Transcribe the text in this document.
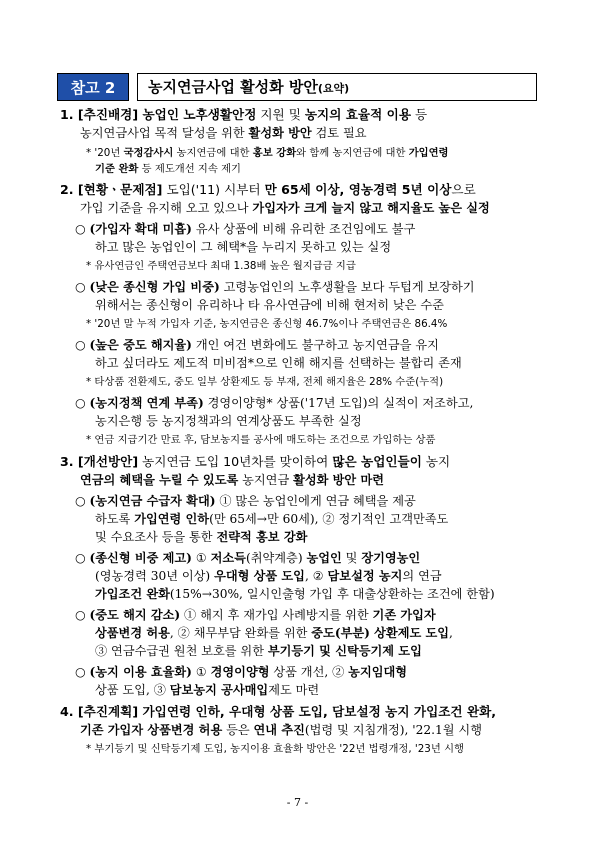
참고 2	농지연금사업 활성화 방안(요약)
1. [추진배경] 농업인 노후생활안정 지원 및 농지의 효율적 이용 등
농지연금사업 목적 달성을 위한 활성화 방안 검토 필요
* '20년 국정감사시 농지연금에 대한 홍보 강화와 함께 농지연금에 대한 가입연령
기준 완화 등 제도개선 지속 제기
2. [현황ㆍ문제점] 도입('11) 시부터 만 65세 이상, 영농경력 5년 이상으로
가입 기준을 유지해 오고 있으나 가입자가 크게 늘지 않고 해지율도 높은 실정
○ (가입자 확대 미흡) 유사 상품에 비해 유리한 조건임에도 불구
하고 많은 농업인이 그 혜택*을 누리지 못하고 있는 실정
* 유사연금인 주택연금보다 최대 1.38배 높은 월지급금 지급
○ (낮은 종신형 가입 비중) 고령농업인의 노후생활을 보다 두텁게 보장하기
위해서는 종신형이 유리하나 타 유사연금에 비해 현저히 낮은 수준
* '20년 말 누적 가입자 기준, 농지연금은 종신형 46.7%이나 주택연금은 86.4%
○ (높은 중도 해지율) 개인 여건 변화에도 불구하고 농지연금을 유지
하고 싶더라도 제도적 미비점*으로 인해 해지를 선택하는 불합리 존재
* 타상품 전환제도, 중도 일부 상환제도 등 부재, 전체 해지율은 28% 수준(누적)
○ (농지정책 연계 부족) 경영이양형* 상품('17년 도입)의 실적이 저조하고,
농지은행 등 농지정책과의 연계상품도 부족한 실정
* 연금 지급기간 만료 후, 담보농지를 공사에 매도하는 조건으로 가입하는 상품
3. [개선방안] 농지연금 도입 10년차를 맞이하여 많은 농업인들이 농지
연금의 혜택을 누릴 수 있도록 농지연금 활성화 방안 마련
○ (농지연금 수급자 확대) ① 많은 농업인에게 연금 혜택을 제공
하도록 가입연령 인하(만 65세→만 60세), ② 정기적인 고객만족도
및 수요조사 등을 통한 전략적 홍보 강화
○ (종신형 비중 제고) ① 저소득(취약계층) 농업인 및 장기영농인
(영농경력 30년 이상) 우대형 상품 도입, ② 담보설정 농지의 연금
가입조건 완화(15%→30%, 일시인출형 가입 후 대출상환하는 조건에 한함)
○ (중도 해지 감소) ① 해지 후 재가입 사례방지를 위한 기존 가입자
상품변경 허용, ② 채무부담 완화를 위한 중도(부분) 상환제도 도입,
③ 연금수급권 원천 보호를 위한 부기등기 및 신탁등기제 도입
○ (농지 이용 효율화) ① 경영이양형 상품 개선, ② 농지임대형
상품 도입, ③ 담보농지 공사매입제도 마련
4. [추진계획] 가입연령 인하, 우대형 상품 도입, 담보설정 농지 가입조건 완화,
기존 가입자 상품변경 허용 등은 연내 추진(법령 및 지침개정), '22.1월 시행
* 부기등기 및 신탁등기제 도입, 농지이용 효율화 방안은 '22년 법령개정, '23년 시행
- 7 -
